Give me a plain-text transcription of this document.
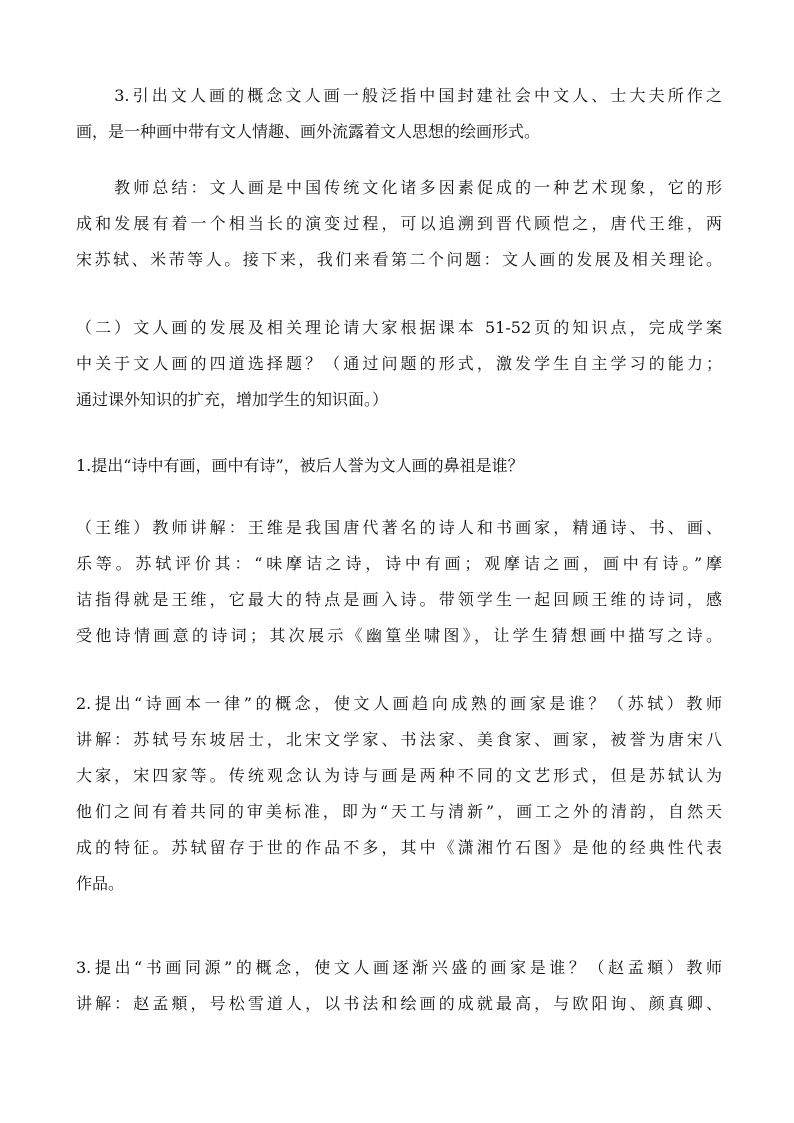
　　3.引出文人画的概念文人画一般泛指中国封建社会中文人、士大夫所作之
画，是一种画中带有文人情趣、画外流露着文人思想的绘画形式。
　　教师总结：文人画是中国传统文化诸多因素促成的一种艺术现象，它的形
成和发展有着一个相当长的演变过程，可以追溯到晋代顾恺之，唐代王维，两
宋苏轼、米芾等人。接下来，我们来看第二个问题：文人画的发展及相关理论。
（二）文人画的发展及相关理论请大家根据课本 51-52页的知识点，完成学案
中关于文人画的四道选择题？（通过问题的形式，激发学生自主学习的能力；
通过课外知识的扩充，增加学生的知识面。）
1.提出“诗中有画，画中有诗”，被后人誉为文人画的鼻祖是谁？
（王维）教师讲解：王维是我国唐代著名的诗人和书画家，精通诗、书、画、
乐等。苏轼评价其：“味摩诘之诗，诗中有画；观摩诘之画，画中有诗。”摩
诘指得就是王维，它最大的特点是画入诗。带领学生一起回顾王维的诗词，感
受他诗情画意的诗词；其次展示《幽篁坐啸图》，让学生猜想画中描写之诗。
2.提出“诗画本一律”的概念，使文人画趋向成熟的画家是谁？（苏轼）教师
讲解：苏轼号东坡居士，北宋文学家、书法家、美食家、画家，被誉为唐宋八
大家，宋四家等。传统观念认为诗与画是两种不同的文艺形式，但是苏轼认为
他们之间有着共同的审美标准，即为“天工与清新”，画工之外的清韵，自然天
成的特征。苏轼留存于世的作品不多，其中《潇湘竹石图》是他的经典性代表
作品。
3.提出“书画同源”的概念，使文人画逐渐兴盛的画家是谁？（赵孟頫）教师
讲解：赵孟頫，号松雪道人，以书法和绘画的成就最高，与欧阳询、颜真卿、
